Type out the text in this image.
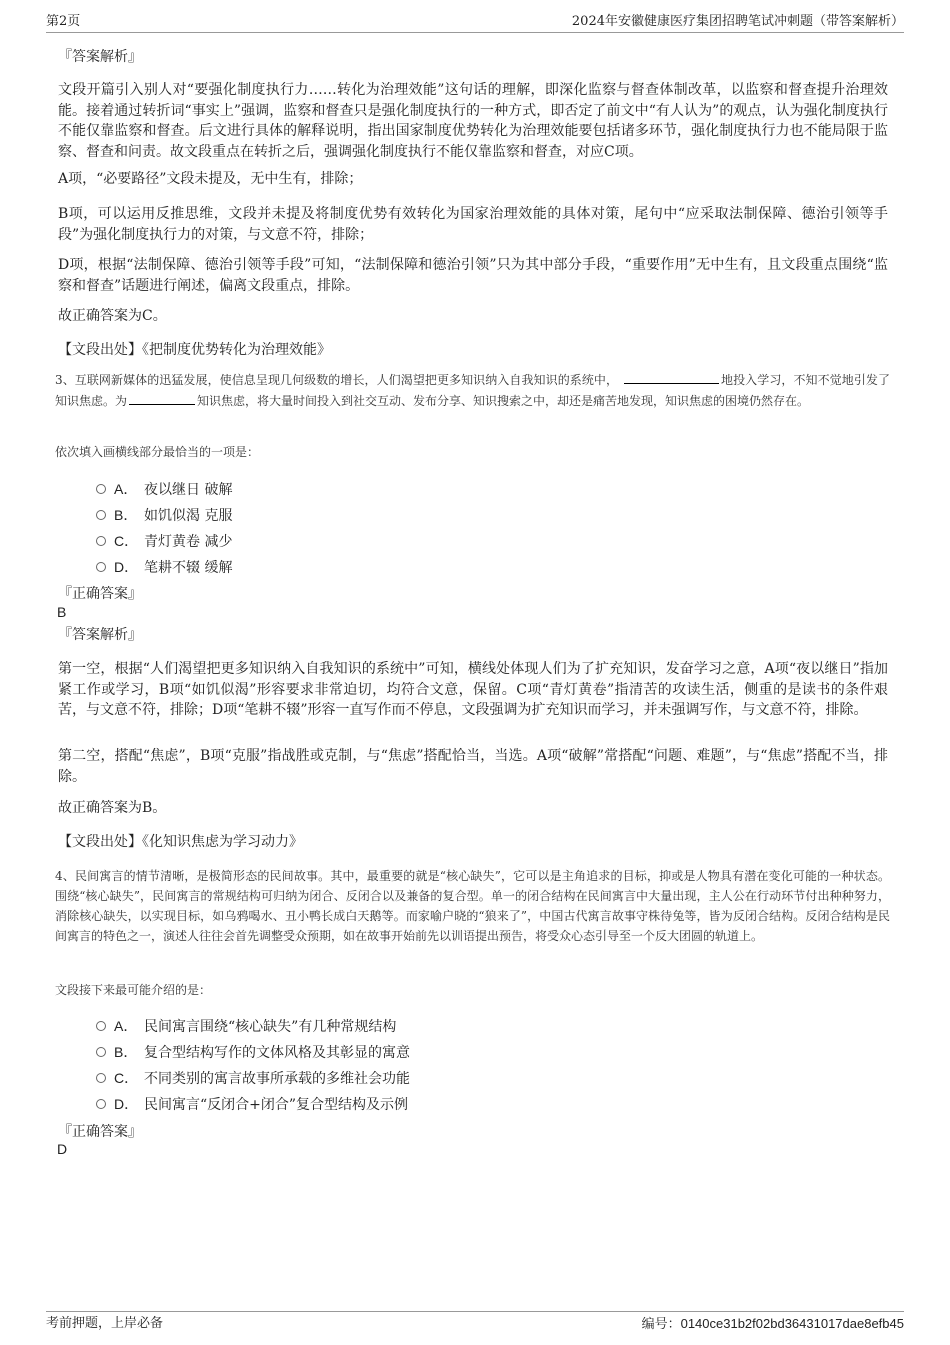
第2页	2024年安徽健康医疗集团招聘笔试冲刺题（带答案解析）
『答案解析』
文段开篇引入别人对“要强化制度执行力……转化为治理效能”这句话的理解，即深化监察与督查体制改革，以监察和督查提升治理效能。接着通过转折词“事实上”强调，监察和督查只是强化制度执行的一种方式，即否定了前文中“有人认为”的观点，认为强化制度执行不能仅靠监察和督查。后文进行具体的解释说明，指出国家制度优势转化为治理效能要包括诸多环节，强化制度执行力也不能局限于监察、督查和问责。故文段重点在转折之后，强调强化制度执行不能仅靠监察和督查，对应C项。
A项，“必要路径”文段未提及，无中生有，排除；
B项，可以运用反推思维，文段并未提及将制度优势有效转化为国家治理效能的具体对策，尾句中“应采取法制保障、德治引领等手段”为强化制度执行力的对策，与文意不符，排除；
D项，根据“法制保障、德治引领等手段”可知，“法制保障和德治引领”只为其中部分手段，“重要作用”无中生有，且文段重点围绕“监察和督查”话题进行阐述，偏离文段重点，排除。
故正确答案为C。
【文段出处】《把制度优势转化为治理效能》
3、互联网新媒体的迅猛发展，使信息呈现几何级数的增长，人们渴望把更多知识纳入自我知识的系统中，	地投入学习，不知不觉地引发了知识焦虑。为	知识焦虑，将大量时间投入到社交互动、发布分享、知识搜索之中，却还是痛苦地发现，知识焦虑的困境仍然存在。
依次填入画横线部分最恰当的一项是：
A． 夜以继日 破解
B． 如饥似渴 克服
C． 青灯黄卷 减少
D． 笔耕不辍 缓解
『正确答案』
B
『答案解析』
第一空，根据“人们渴望把更多知识纳入自我知识的系统中”可知，横线处体现人们为了扩充知识，发奋学习之意，A项“夜以继日”指加紧工作或学习，B项“如饥似渴”形容要求非常迫切，均符合文意，保留。C项“青灯黄卷”指清苦的攻读生活，侧重的是读书的条件艰苦，与文意不符，排除；D项“笔耕不辍”形容一直写作而不停息，文段强调为扩充知识而学习，并未强调写作，与文意不符，排除。
第二空，搭配“焦虑”，B项“克服”指战胜或克制，与“焦虑”搭配恰当，当选。A项“破解”常搭配“问题、难题”，与“焦虑”搭配不当，排除。
故正确答案为B。
【文段出处】《化知识焦虑为学习动力》
4、民间寓言的情节清晰，是极简形态的民间故事。其中，最重要的就是“核心缺失”，它可以是主角追求的目标，抑或是人物具有潜在变化可能的一种状态。围绕“核心缺失”，民间寓言的常规结构可归纳为闭合、反闭合以及兼备的复合型。单一的闭合结构在民间寓言中大量出现，主人公在行动环节付出种种努力，消除核心缺失，以实现目标，如乌鸦喝水、丑小鸭长成白天鹅等。而家喻户晓的“狼来了”，中国古代寓言故事守株待兔等，皆为反闭合结构。反闭合结构是民间寓言的特色之一，演述人往往会首先调整受众预期，如在故事开始前先以训语提出预告，将受众心态引导至一个反大团圆的轨道上。
文段接下来最可能介绍的是：
A． 民间寓言围绕“核心缺失”有几种常规结构
B． 复合型结构写作的文体风格及其彰显的寓意
C． 不同类别的寓言故事所承载的多维社会功能
D． 民间寓言“反闭合+闭合”复合型结构及示例
『正确答案』
D
考前押题，上岸必备	编号：0140ce31b2f02bd36431017dae8efb45
